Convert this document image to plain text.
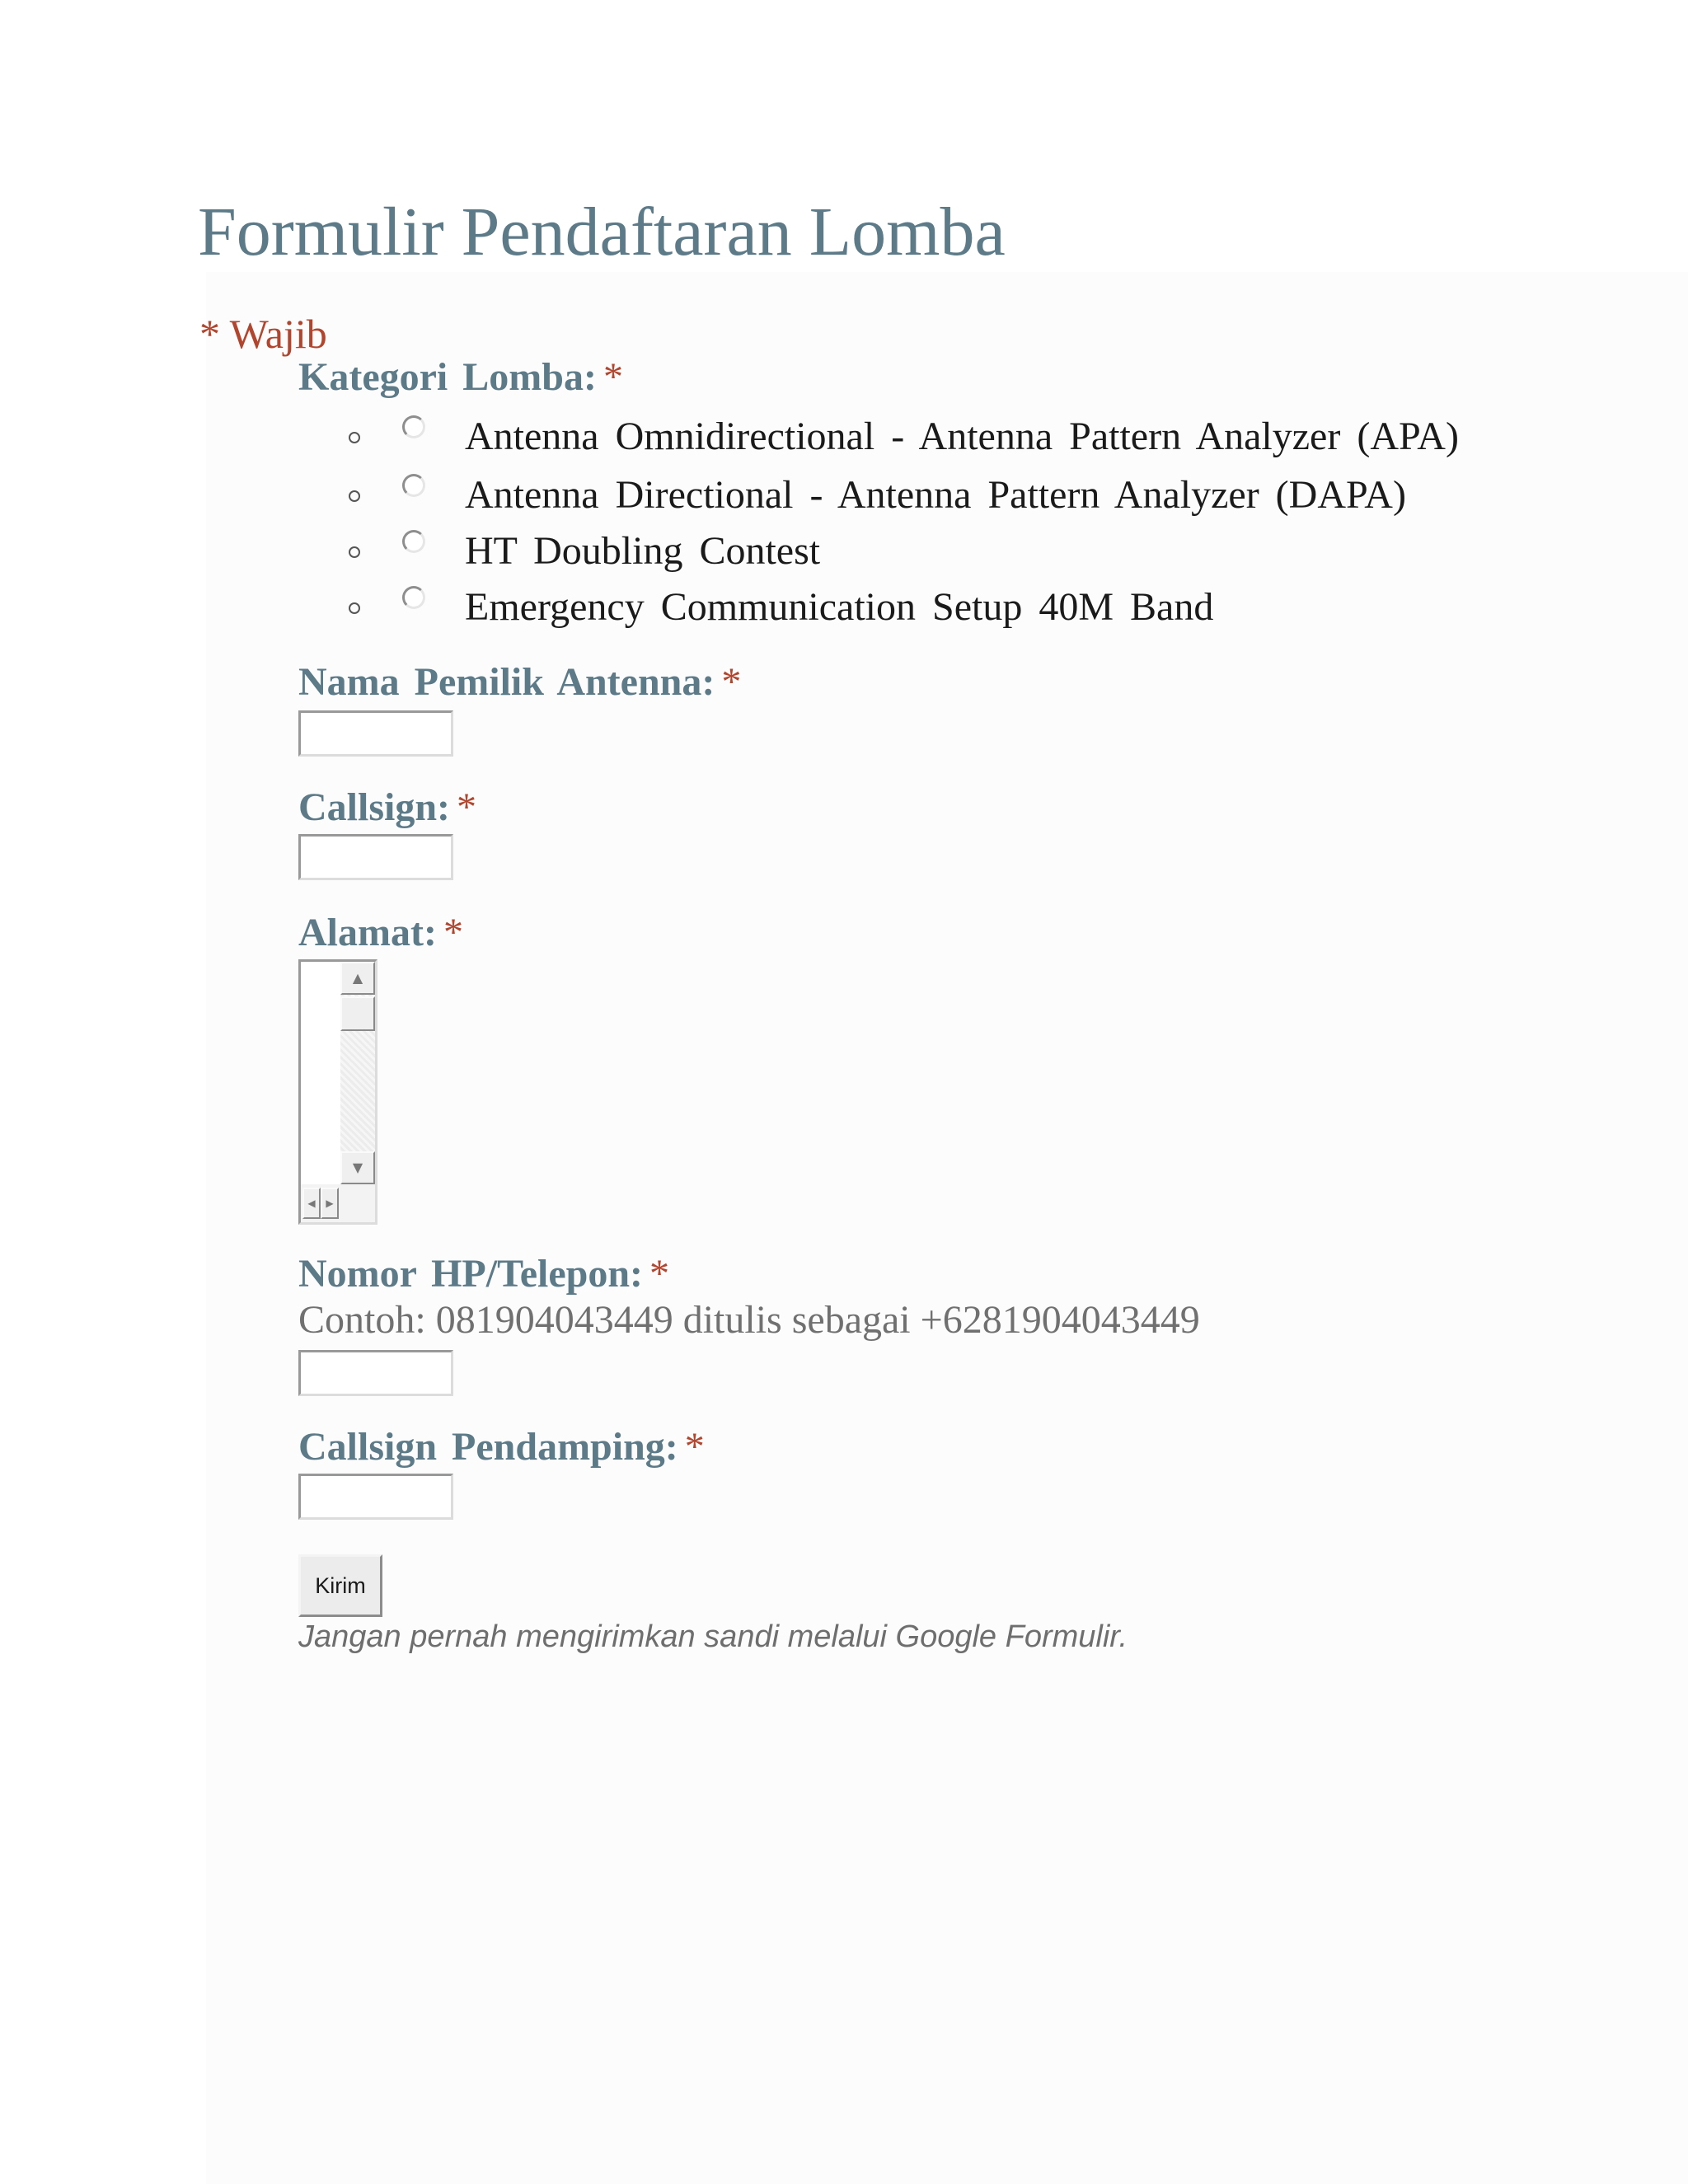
Formulir Pendaftaran Lomba
* Wajib
Kategori Lomba: *
Antenna Omnidirectional - Antenna Pattern Analyzer (APA)
Antenna Directional - Antenna Pattern Analyzer (DAPA)
HT Doubling Contest
Emergency Communication Setup 40M Band
Nama Pemilik Antenna: *
Callsign: *
Alamat: *
▲
▼
◀	▶
Nomor HP/Telepon: *
Contoh: 081904043449 ditulis sebagai +6281904043449
Callsign Pendamping: *
Kirim
Jangan pernah mengirimkan sandi melalui Google Formulir.
